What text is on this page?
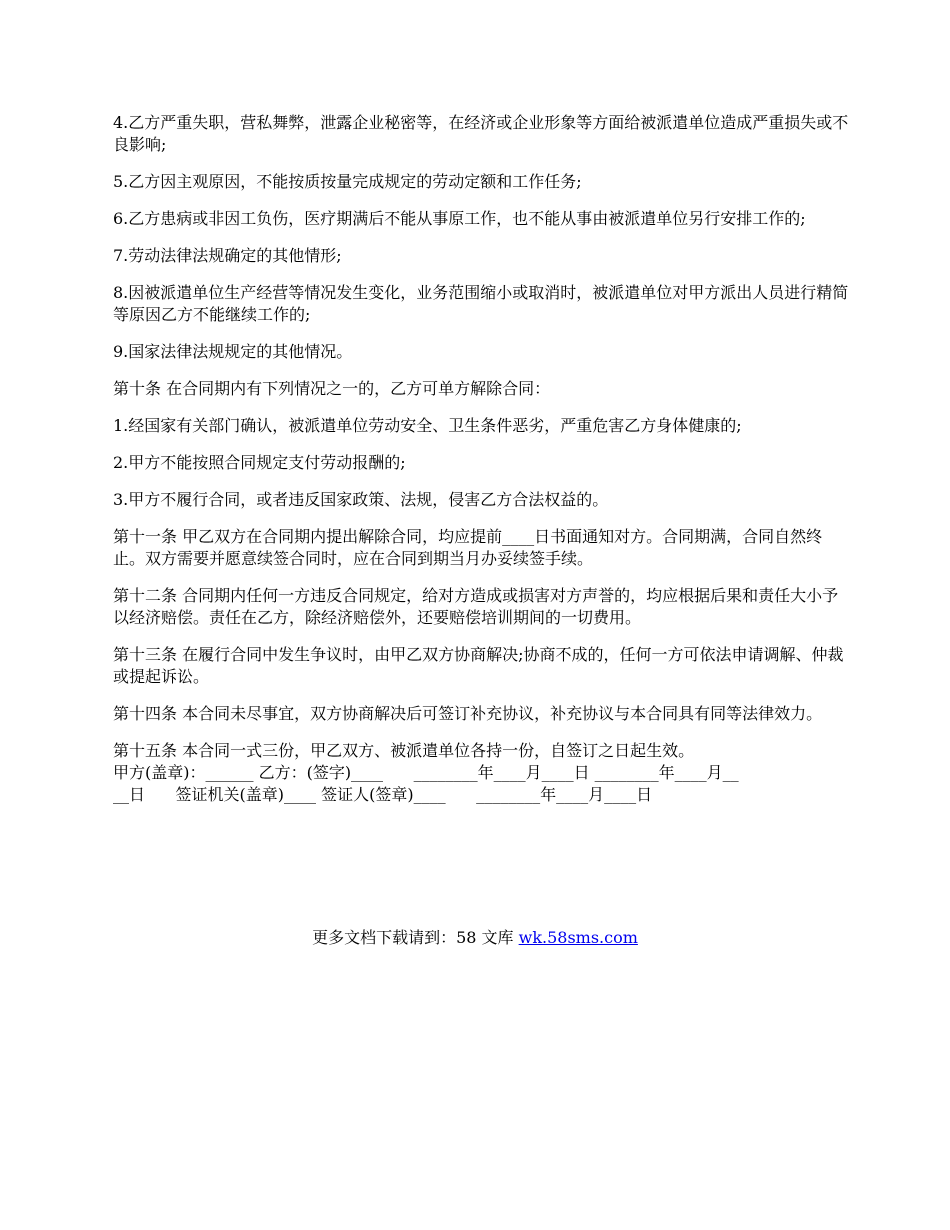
4.乙方严重失职，营私舞弊，泄露企业秘密等，在经济或企业形象等方面给被派遣单位造成严重损失或不良影响;

5.乙方因主观原因，不能按质按量完成规定的劳动定额和工作任务;

6.乙方患病或非因工负伤，医疗期满后不能从事原工作，也不能从事由被派遣单位另行安排工作的;

7.劳动法律法规确定的其他情形;

8.因被派遣单位生产经营等情况发生变化，业务范围缩小或取消时，被派遣单位对甲方派出人员进行精简等原因乙方不能继续工作的;

9.国家法律法规规定的其他情况。

第十条 在合同期内有下列情况之一的，乙方可单方解除合同：

1.经国家有关部门确认，被派遣单位劳动安全、卫生条件恶劣，严重危害乙方身体健康的;

2.甲方不能按照合同规定支付劳动报酬的;

3.甲方不履行合同，或者违反国家政策、法规，侵害乙方合法权益的。

第十一条 甲乙双方在合同期内提出解除合同，均应提前____日书面通知对方。合同期满，合同自然终止。双方需要并愿意续签合同时，应在合同到期当月办妥续签手续。

第十二条 合同期内任何一方违反合同规定，给对方造成或损害对方声誉的，均应根据后果和责任大小予以经济赔偿。责任在乙方，除经济赔偿外，还要赔偿培训期间的一切费用。

第十三条 在履行合同中发生争议时，由甲乙双方协商解决;协商不成的，任何一方可依法申请调解、仲裁或提起诉讼。

第十四条 本合同未尽事宜，双方协商解决后可签订补充协议，补充协议与本合同具有同等法律效力。

第十五条 本合同一式三份，甲乙双方、被派遣单位各持一份，自签订之日起生效。

甲方(盖章)：______ 乙方：(签字)____      ________年____月____日 ________年____月__

__日      签证机关(盖章)____ 签证人(签章)____      ________年____月____日

更多文档下载请到：58 文库 wk.58sms.com
